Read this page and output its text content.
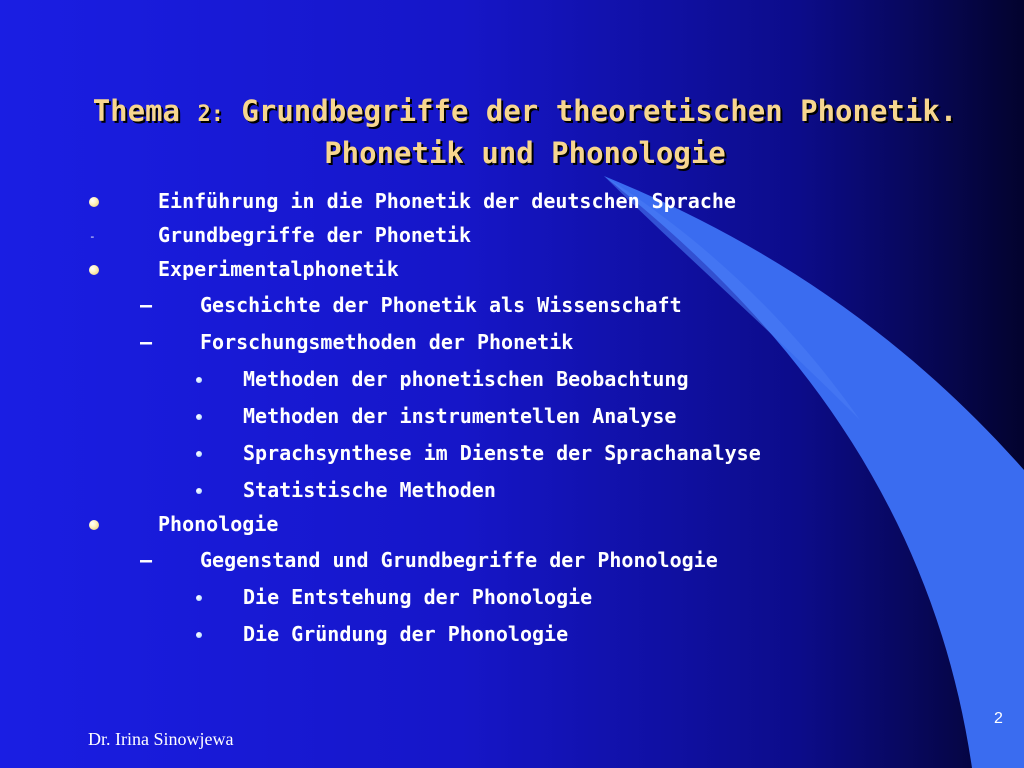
Thema 2: Grundbegriffe der theoretischen Phonetik.
Phonetik und Phonologie
Einführung in die Phonetik der deutschen Sprache
-	Grundbegriffe der Phonetik
Experimentalphonetik
– Geschichte der Phonetik als Wissenschaft
– Forschungsmethoden der Phonetik
Methoden der phonetischen Beobachtung
Methoden der instrumentellen Analyse
Sprachsynthese im Dienste der Sprachanalyse
Statistische Methoden
Phonologie
– Gegenstand und Grundbegriffe der Phonologie
Die Entstehung der Phonologie
Die Gründung der Phonologie
Dr. Irina Sinowjewa
2
